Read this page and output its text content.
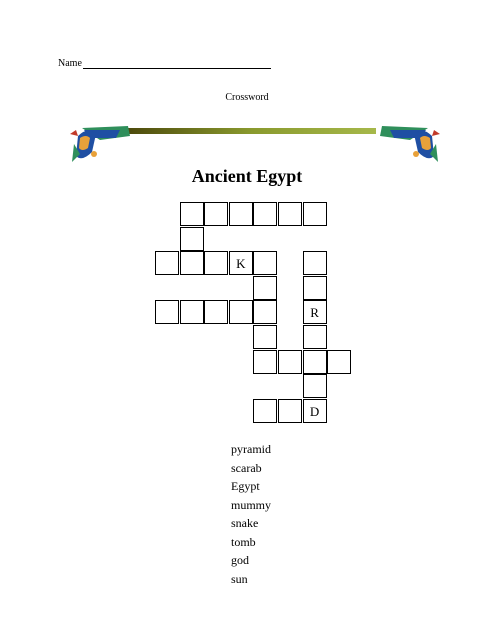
Name
Crossword
Ancient Egypt
K
R
D
pyramid
scarab
Egypt
mummy
snake
tomb
god
sun
